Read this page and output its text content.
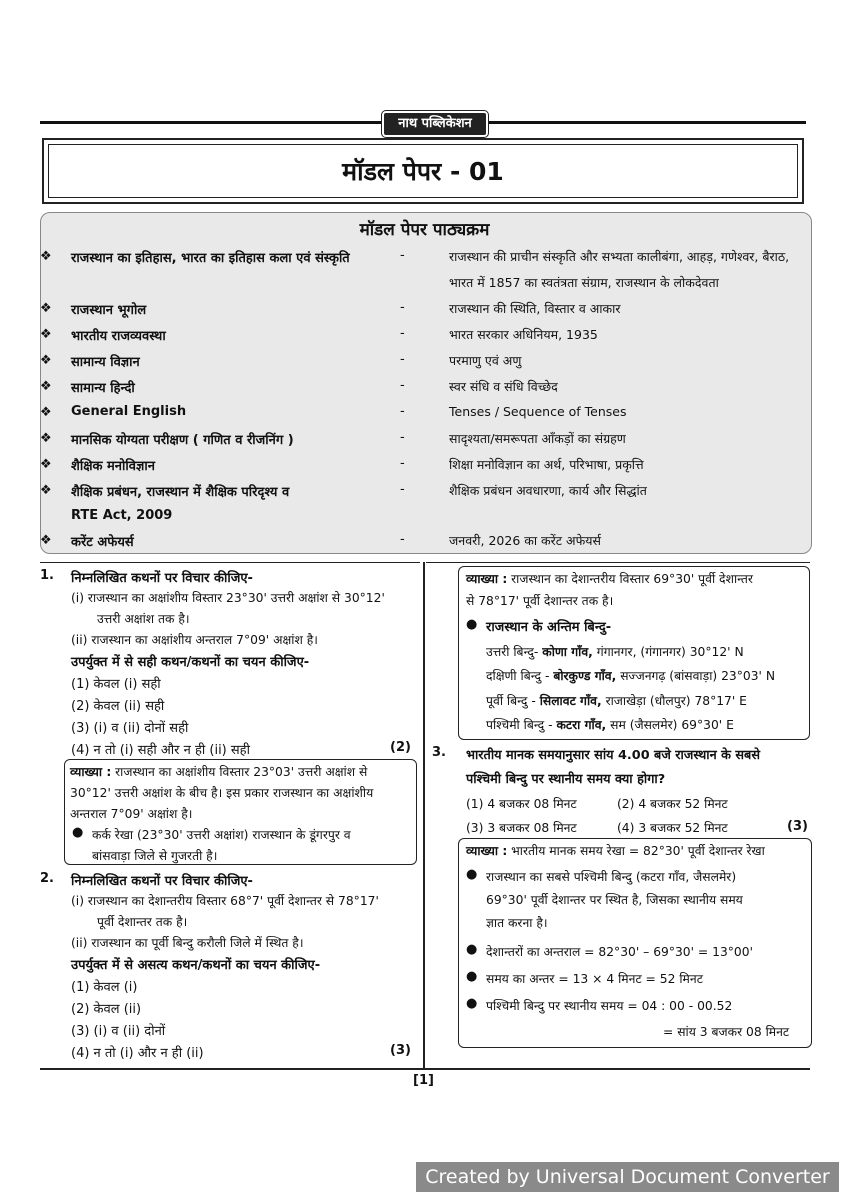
नाथ पब्लिकेशन
मॉडल पेपर - 01
मॉडल पेपर पाठ्यक्रम
❖ राजस्थान का इतिहास, भारत का इतिहास कला एवं संस्कृति	-	राजस्थान की प्राचीन संस्कृति और सभ्यता कालीबंगा, आहड़, गणेश्वर, बैराठ,
भारत में 1857 का स्वतंत्रता संग्राम, राजस्थान के लोकदेवता
❖ राजस्थान भूगोल	-	राजस्थान की स्थिति, विस्तार व आकार
❖ भारतीय राजव्यवस्था	-	भारत सरकार अधिनियम, 1935
❖ सामान्य विज्ञान	-	परमाणु एवं अणु
❖ सामान्य हिन्दी	-	स्वर संधि व संधि विच्छेद
❖ General English	-	Tenses / Sequence of Tenses
❖ मानसिक योग्यता परीक्षण ( गणित व रीजनिंग )	-	सादृश्यता/समरूपता आँकड़ों का संग्रहण
❖ शैक्षिक मनोविज्ञान	-	शिक्षा मनोविज्ञान का अर्थ, परिभाषा, प्रकृत्ति
❖ शैक्षिक प्रबंधन, राजस्थान में शैक्षिक परिदृश्य व
RTE Act, 2009
-	शैक्षिक प्रबंधन अवधारणा, कार्य और सिद्धांत
❖ करेंट अफेयर्स	-	जनवरी, 2026 का करेंट अफेयर्स
1. निम्नलिखित कथनों पर विचार कीजिए-
(i) राजस्थान का अक्षांशीय विस्तार 23°30' उत्तरी अक्षांश से 30°12'
उत्तरी अक्षांश तक है।
(ii) राजस्थान का अक्षांशीय अन्तराल 7°09' अक्षांश है।
उपर्युक्त में से सही कथन/कथनों का चयन कीजिए-
(1) केवल (i) सही
(2) केवल (ii) सही
(3) (i) व (ii) दोनों सही
(4) न तो (i) सही और न ही (ii) सही	(2)
व्याख्या : राजस्थान का अक्षांशीय विस्तार 23°03' उत्तरी अक्षांश से
30°12' उत्तरी अक्षांश के बीच है। इस प्रकार राजस्थान का अक्षांशीय
अन्तराल 7°09' अक्षांश है।
● कर्क रेखा (23°30' उत्तरी अक्षांश) राजस्थान के डूंगरपुर व
बांसवाड़ा जिले से गुजरती है।
2. निम्नलिखित कथनों पर विचार कीजिए-
(i) राजस्थान का देशान्तरीय विस्तार 68°7' पूर्वी देशान्तर से 78°17'
पूर्वी देशान्तर तक है।
(ii) राजस्थान का पूर्वी बिन्दु करौली जिले में स्थित है।
उपर्युक्त में से असत्य कथन/कथनों का चयन कीजिए-
(1) केवल (i)
(2) केवल (ii)
(3) (i) व (ii) दोनों
(4) न तो (i) और न ही (ii)	(3)
व्याख्या : राजस्थान का देशान्तरीय विस्तार 69°30' पूर्वी देशान्तर
से 78°17' पूर्वी देशान्तर तक है।
● राजस्थान के अन्तिम बिन्दु-
उत्तरी बिन्दु- कोणा गाँव, गंगानगर, (गंगानगर) 30°12' N
दक्षिणी बिन्दु - बोरकुण्ड गाँव, सज्जनगढ़ (बांसवाड़ा) 23°03' N
पूर्वी बिन्दु - सिलावट गाँव, राजाखेड़ा (धौलपुर) 78°17' E
पश्चिमी बिन्दु - कटरा गाँव, सम (जैसलमेर) 69°30' E
3. भारतीय मानक समयानुसार सांय 4.00 बजे राजस्थान के सबसे
पश्चिमी बिन्दु पर स्थानीय समय क्या होगा?
(1) 4 बजकर 08 मिनट	(2) 4 बजकर 52 मिनट
(3) 3 बजकर 08 मिनट	(4) 3 बजकर 52 मिनट	(3)
व्याख्या : भारतीय मानक समय रेखा = 82°30' पूर्वी देशान्तर रेखा
● राजस्थान का सबसे पश्चिमी बिन्दु (कटरा गाँव, जैसलमेर)
69°30' पूर्वी देशान्तर पर स्थित है, जिसका स्थानीय समय
ज्ञात करना है।
● देशान्तरों का अन्तराल = 82°30' – 69°30' = 13°00'
● समय का अन्तर = 13 × 4 मिनट = 52 मिनट
● पश्चिमी बिन्दु पर स्थानीय समय = 04 : 00 - 00.52
= सांय 3 बजकर 08 मिनट
[1]
Created by Universal Document Converter
